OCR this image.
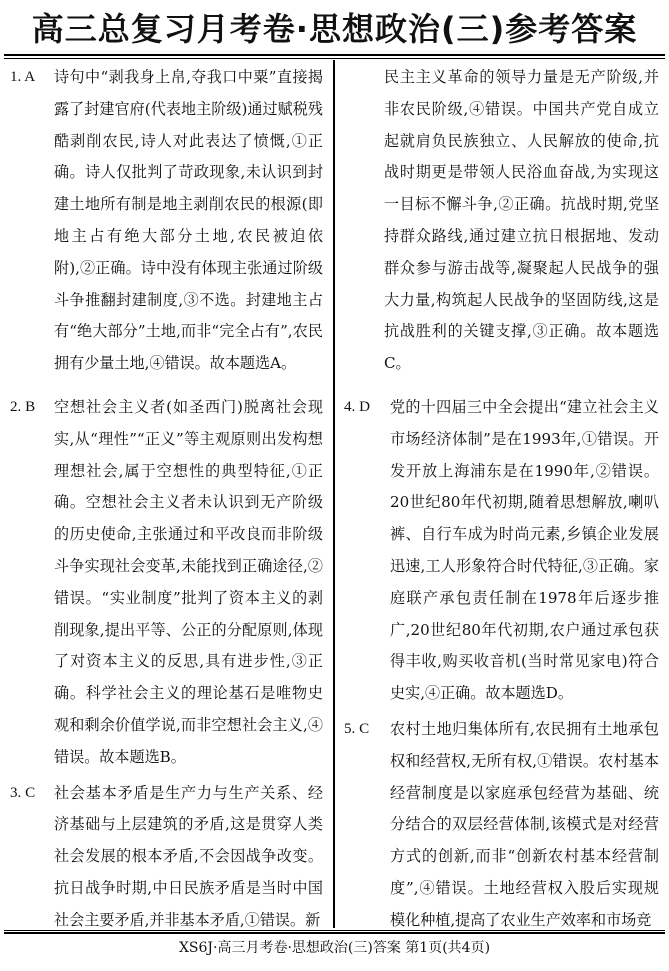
高三总复习月考卷·思想政治(三)参考答案
1. A 诗句中“剥我身上帛,夺我口中粟”直接揭露了封建官府(代表地主阶级)通过赋税残酷剥削农民,诗人对此表达了愤慨,①正确。诗人仅批判了苛政现象,未认识到封建土地所有制是地主剥削农民的根源(即地主占有绝大部分土地,农民被迫依附),②正确。诗中没有体现主张通过阶级斗争推翻封建制度,③不选。封建地主占有“绝大部分”土地,而非“完全占有”,农民拥有少量土地,④错误。故本题选A。
2. B 空想社会主义者(如圣西门)脱离社会现实,从“理性”“正义”等主观原则出发构想理想社会,属于空想性的典型特征,①正确。空想社会主义者未认识到无产阶级的历史使命,主张通过和平改良而非阶级斗争实现社会变革,未能找到正确途径,②错误。“实业制度”批判了资本主义的剥削现象,提出平等、公正的分配原则,体现了对资本主义的反思,具有进步性,③正确。科学社会主义的理论基石是唯物史观和剩余价值学说,而非空想社会主义,④错误。故本题选B。
3. C 社会基本矛盾是生产力与生产关系、经济基础与上层建筑的矛盾,这是贯穿人类社会发展的根本矛盾,不会因战争改变。抗日战争时期,中日民族矛盾是当时中国社会主要矛盾,并非基本矛盾,①错误。新
民主主义革命的领导力量是无产阶级,并非农民阶级,④错误。中国共产党自成立起就肩负民族独立、人民解放的使命,抗战时期更是带领人民浴血奋战,为实现这一目标不懈斗争,②正确。抗战时期,党坚持群众路线,通过建立抗日根据地、发动群众参与游击战等,凝聚起人民战争的强大力量,构筑起人民战争的坚固防线,这是抗战胜利的关键支撑,③正确。故本题选C。
4. D 党的十四届三中全会提出“建立社会主义市场经济体制”是在1993年,①错误。开发开放上海浦东是在1990年,②错误。20世纪80年代初期,随着思想解放,喇叭裤、自行车成为时尚元素,乡镇企业发展迅速,工人形象符合时代特征,③正确。家庭联产承包责任制在1978年后逐步推广,20世纪80年代初期,农户通过承包获得丰收,购买收音机(当时常见家电)符合史实,④正确。故本题选D。
5. C 农村土地归集体所有,农民拥有土地承包权和经营权,无所有权,①错误。农村基本经营制度是以家庭承包经营为基础、统分结合的双层经营体制,该模式是对经营方式的创新,而非“创新农村基本经营制度”,④错误。土地经营权入股后实现规模化种植,提高了农业生产效率和市场竞
XS6J·高三月考卷·思想政治(三)答案 第1页(共4页)
